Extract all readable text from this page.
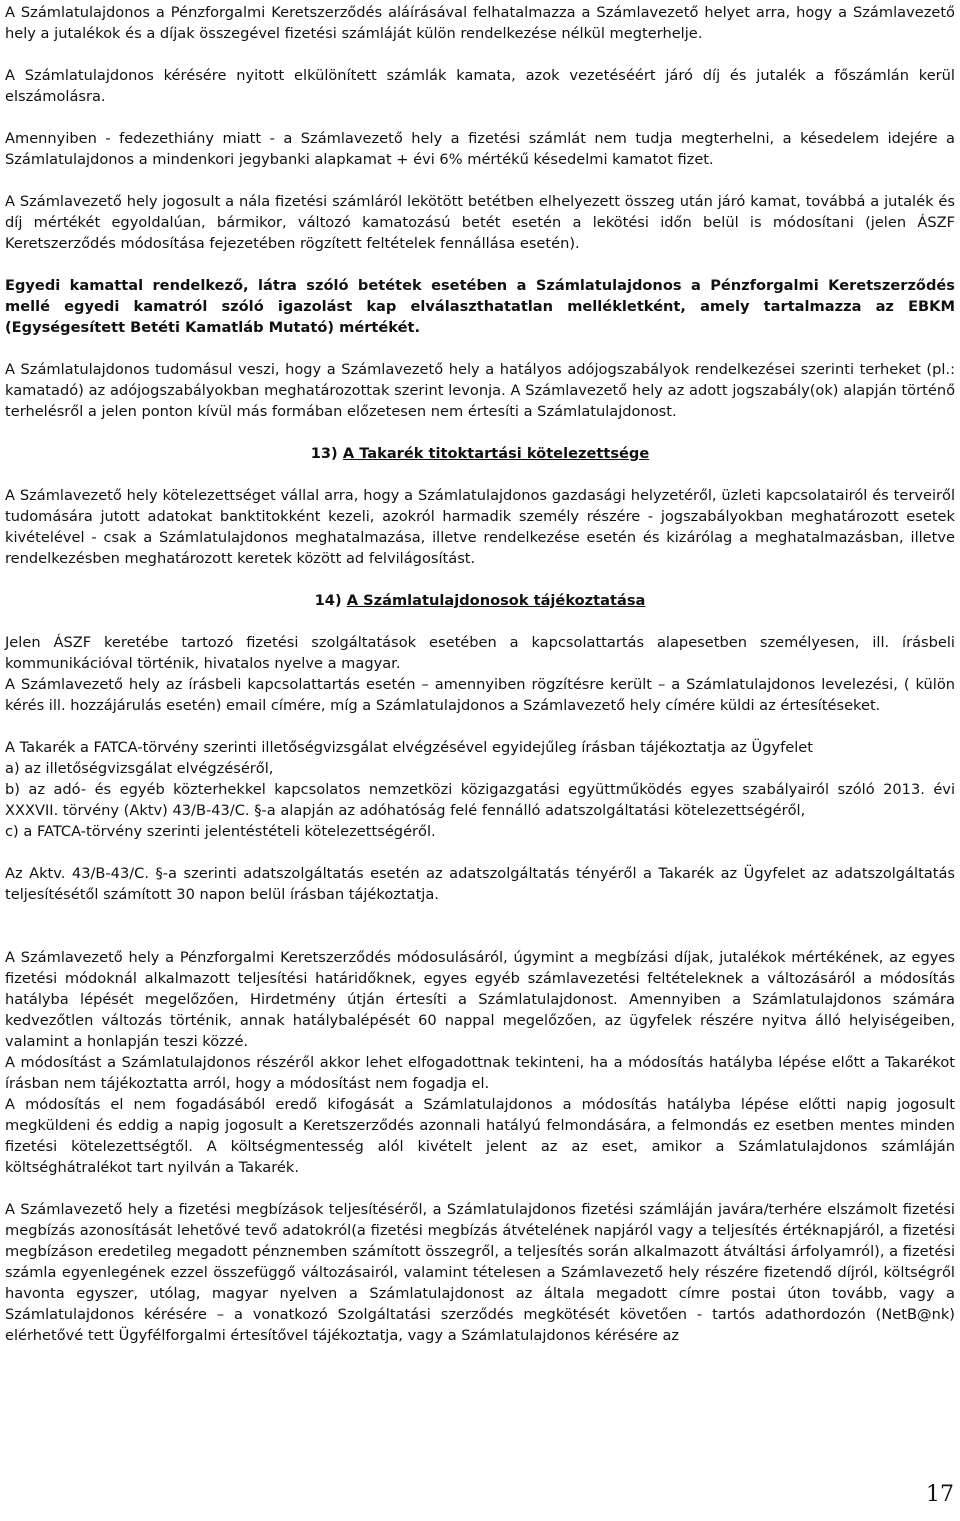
A Számlatulajdonos a Pénzforgalmi Keretszerződés aláírásával felhatalmazza a Számlavezető helyet arra, hogy a Számlavezető hely a jutalékok és a díjak összegével fizetési számláját külön rendelkezése nélkül megterhelje.

A Számlatulajdonos kérésére nyitott elkülönített számlák kamata, azok vezetéséért járó díj és jutalék a főszámlán kerül elszámolásra.

Amennyiben - fedezethiány miatt - a Számlavezető hely a fizetési számlát nem tudja megterhelni, a késedelem idejére a Számlatulajdonos a mindenkori jegybanki alapkamat + évi 6% mértékű késedelmi kamatot fizet.

A Számlavezető hely jogosult a nála fizetési számláról lekötött betétben elhelyezett összeg után járó kamat, továbbá a jutalék és díj mértékét egyoldalúan, bármikor, változó kamatozású betét esetén a lekötési időn belül is módosítani (jelen ÁSZF Keretszerződés módosítása fejezetében rögzített feltételek fennállása esetén).

Egyedi kamattal rendelkező, látra szóló betétek esetében a Számlatulajdonos a Pénzforgalmi Keretszerződés mellé egyedi kamatról szóló igazolást kap elválaszthatatlan mellékletként, amely tartalmazza az EBKM (Egységesített Betéti Kamatláb Mutató) mértékét.

A Számlatulajdonos tudomásul veszi, hogy a Számlavezető hely a hatályos adójogszabályok rendelkezései szerinti terheket (pl.: kamatadó) az adójogszabályokban meghatározottak szerint levonja. A Számlavezető hely az adott jogszabály(ok) alapján történő terhelésről a jelen ponton kívül más formában előzetesen nem értesíti a Számlatulajdonost.

13) A Takarék titoktartási kötelezettsége

A Számlavezető hely kötelezettséget vállal arra, hogy a Számlatulajdonos gazdasági helyzetéről, üzleti kapcsolatairól és terveiről tudomására jutott adatokat banktitokként kezeli, azokról harmadik személy részére - jogszabályokban meghatározott esetek kivételével - csak a Számlatulajdonos meghatalmazása, illetve rendelkezése esetén és kizárólag a meghatalmazásban, illetve rendelkezésben meghatározott keretek között ad felvilágosítást.

14) A Számlatulajdonosok tájékoztatása

Jelen ÁSZF keretébe tartozó fizetési szolgáltatások esetében a kapcsolattartás alapesetben személyesen, ill. írásbeli kommunikációval történik, hivatalos nyelve a magyar.

A Számlavezető hely az írásbeli kapcsolattartás esetén – amennyiben rögzítésre került – a Számlatulajdonos levelezési, ( külön kérés ill. hozzájárulás esetén) email címére, míg a Számlatulajdonos a Számlavezető hely címére küldi az értesítéseket.

A Takarék a FATCA-törvény szerinti illetőségvizsgálat elvégzésével egyidejűleg írásban tájékoztatja az Ügyfelet

a) az illetőségvizsgálat elvégzéséről,

b) az adó- és egyéb közterhekkel kapcsolatos nemzetközi közigazgatási együttműködés egyes szabályairól szóló 2013. évi XXXVII. törvény (Aktv) 43/B-43/C. §-a alapján az adóhatóság felé fennálló adatszolgáltatási kötelezettségéről,

c) a FATCA-törvény szerinti jelentéstételi kötelezettségéről.

Az Aktv. 43/B-43/C. §-a szerinti adatszolgáltatás esetén az adatszolgáltatás tényéről a Takarék az Ügyfelet az adatszolgáltatás teljesítésétől számított 30 napon belül írásban tájékoztatja.

A Számlavezető hely a Pénzforgalmi Keretszerződés módosulásáról, úgymint a megbízási díjak, jutalékok mértékének, az egyes fizetési módoknál alkalmazott teljesítési határidőknek, egyes egyéb számlavezetési feltételeknek a változásáról a módosítás hatályba lépését megelőzően, Hirdetmény útján értesíti a Számlatulajdonost. Amennyiben a Számlatulajdonos számára kedvezőtlen változás történik, annak hatálybalépését 60 nappal megelőzően, az ügyfelek részére nyitva álló helyiségeiben, valamint a honlapján teszi közzé.

A módosítást a Számlatulajdonos részéről akkor lehet elfogadottnak tekinteni, ha a módosítás hatályba lépése előtt a Takarékot írásban nem tájékoztatta arról, hogy a módosítást nem fogadja el.

A módosítás el nem fogadásából eredő kifogását a Számlatulajdonos a módosítás hatályba lépése előtti napig jogosult megküldeni és eddig a napig jogosult a Keretszerződés azonnali hatályú felmondására, a felmondás ez esetben mentes minden fizetési kötelezettségtől. A költségmentesség alól kivételt jelent az az eset, amikor a Számlatulajdonos számláján költséghátralékot tart nyilván a Takarék.

A Számlavezető hely a fizetési megbízások teljesítéséről, a Számlatulajdonos fizetési számláján javára/terhére elszámolt fizetési megbízás azonosítását lehetővé tevő adatokról(a fizetési megbízás átvételének napjáról vagy a teljesítés értéknapjáról, a fizetési megbízáson eredetileg megadott pénznemben számított összegről, a teljesítés során alkalmazott átváltási árfolyamról), a fizetési számla egyenlegének ezzel összefüggő változásairól, valamint tételesen a Számlavezető hely részére fizetendő díjról, költségről havonta egyszer, utólag, magyar nyelven a Számlatulajdonost az általa megadott címre postai úton tovább, vagy a Számlatulajdonos kérésére – a vonatkozó Szolgáltatási szerződés megkötését követően - tartós adathordozón (NetB@nk) elérhetővé tett Ügyfélforgalmi értesítővel tájékoztatja, vagy a Számlatulajdonos kérésére az

17
